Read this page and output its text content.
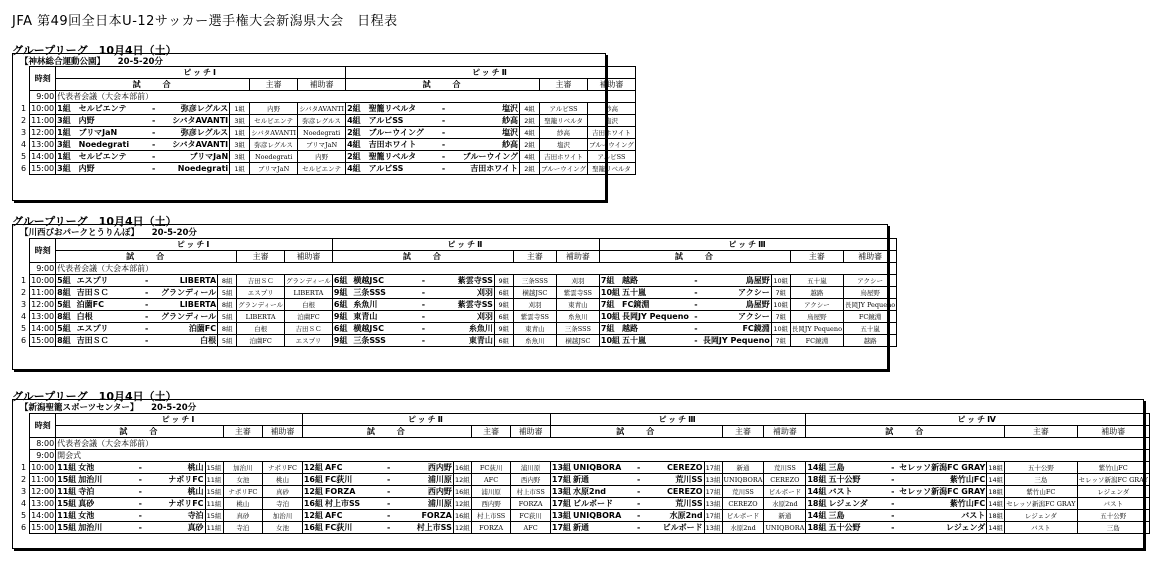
JFA 第49回全日本U-12サッカー選手権大会新潟県大会　日程表
グループリーグ　10月4日（土）
【神林総合運動公園】　　20-5-20分
	時刻	ピッチⅠ							ピッチⅡ						
		試　　合					主審	補助審	試　　合					主審	補助審
	9:00	代表者会議（大会本部前）													
1	10:00	1組	セルビエンテ	-	弥彦レグルス	1組	内野	シバタAVANTI	2組	聖籠リベルタ	-	塩沢	4組	アルビSS	紗高
2	11:00	3組	内野	-	シバタAVANTI	3組	セルビエンテ	弥彦レグルス	4組	アルビSS	-	紗高	2組	聖籠リベルタ	塩沢
3	12:00	1組	ブリマJaN	-	弥彦レグルス	1組	シバタAVANTI	Noedegrati	2組	ブルーウイング	-	塩沢	4組	紗高	吉田ホワイト
4	13:00	3組	Noedegrati	-	シバタAVANTI	3組	弥彦レグルス	ブリマJaN	4組	吉田ホワイト	-	紗高	2組	塩沢	ブルーウイング
5	14:00	1組	セルビエンテ	-	ブリマJaN	3組	Noedegrati	内野	2組	聖籠リベルタ	-	ブルーウイング	4組	吉田ホワイト	アルビSS
6	15:00	3組	内野	-	Noedegrati	1組	ブリマJaN	セルビエンテ	4組	アルビSS	-	吉田ホワイト	2組	ブルーウイング	聖籠リベルタ
グループリーグ　10月4日（土）
【川西びおパークとうりんぼ】　　20-5-20分
	時刻	ピッチⅠ							ピッチⅡ							ピッチⅢ						
		試　　合					主審	補助審	試　　合					主審	補助審	試　　合					主審	補助審
	9:00	代表者会議（大会本部前）																				
1	10:00	5組	エスプリ	-	LIBERTA	8組	吉田ＳＣ	グランディール	6組	横越JSC	-	紫雲寺SS	9組	三条SSS	刈羽	7組	越路	-	鳥屋野	10組	五十嵐	アクシー
2	11:00	8組	吉田ＳＣ	-	グランディール	5組	エスプリ	LIBERTA	9組	三条SSS	-	刈羽	6組	横越JSC	紫雲寺SS	10組	五十嵐	-	アクシー	7組	越路	鳥屋野
3	12:00	5組	泊薗FC	-	LIBERTA	8組	グランディール	白根	6組	糸魚川	-	紫雲寺SS	9組	刈羽	東青山	7組	FC鏡淵	-	鳥屋野	10組	アクシー	長岡JY Pequeno
4	13:00	8組	白根	-	グランディール	5組	LIBERTA	泊薗FC	9組	東青山	-	刈羽	6組	紫雲寺SS	糸魚川	10組	長岡JY Pequeno	-	アクシー	7組	鳥屋野	FC鏡淵
5	14:00	5組	エスプリ	-	泊薗FC	8組	白根	吉田ＳＣ	6組	横越JSC	-	糸魚川	9組	東青山	三条SSS	7組	越路	-	FC鏡淵	10組	長岡JY Pequeno	五十嵐
6	15:00	8組	吉田ＳＣ	-	白根	5組	泊薗FC	エスプリ	9組	三条SSS	-	東青山	6組	糸魚川	横越JSC	10組	五十嵐	-	長岡JY Pequeno	7組	FC鏡淵	越路
グループリーグ　10月4日（土）
【新潟聖籠スポーツセンター】　　20-5-20分
	時刻	ピッチⅠ							ピッチⅡ							ピッチⅢ							ピッチⅣ						
		試　　合					主審	補助審	試　　合					主審	補助審	試　　合					主審	補助審	試　　合					主審	補助審
	8:00	代表者会議（大会本部前）																											
	9:00	開会式																											
1	10:00	11組	女池	-	桃山	15組	加治川	ナポリFC	12組	AFC	-	西内野	16組	FC荻川	浦川原	13組	UNIQBORA	-	CEREZO	17組	新通	荒川SS	14組	三島	-	セレッソ新潟FC GRAY	18組	五十公野	紫竹山FC
2	11:00	15組	加治川	-	ナポリFC	11組	女池	桃山	16組	FC荻川	-	浦川原	12組	AFC	西内野	17組	新通	-	荒川SS	13組	UNIQBORA	CEREZO	18組	五十公野	-	紫竹山FC	14組	三島	セレッソ新潟FC GRAY
3	12:00	11組	寺泊	-	桃山	15組	ナポリFC	真砂	12組	FORZA	-	西内野	16組	浦川原	村上市SS	13組	水原2nd	-	CEREZO	17組	荒川SS	ビルボード	14組	バスト	-	セレッソ新潟FC GRAY	18組	紫竹山FC	レジェンダ
4	13:00	15組	真砂	-	ナポリFC	11組	桃山	寺泊	16組	村上市SS	-	浦川原	12組	西内野	FORZA	17組	ビルボード	-	荒川SS	13組	CEREZO	水原2nd	18組	レジェンダ	-	紫竹山FC	14組	セレッソ新潟FC GRAY	バスト
5	14:00	11組	女池	-	寺泊	15組	真砂	加治川	12組	AFC	-	FORZA	16組	村上市SS	FC荻川	13組	UNIQBORA	-	水原2nd	17組	ビルボード	新通	14組	三島	-	バスト	18組	レジェンダ	五十公野
6	15:00	15組	加治川	-	真砂	11組	寺泊	女池	16組	FC荻川	-	村上市SS	12組	FORZA	AFC	17組	新通	-	ビルボード	13組	水原2nd	UNIQBORA	18組	五十公野	-	レジェンダ	14組	バスト	三島
